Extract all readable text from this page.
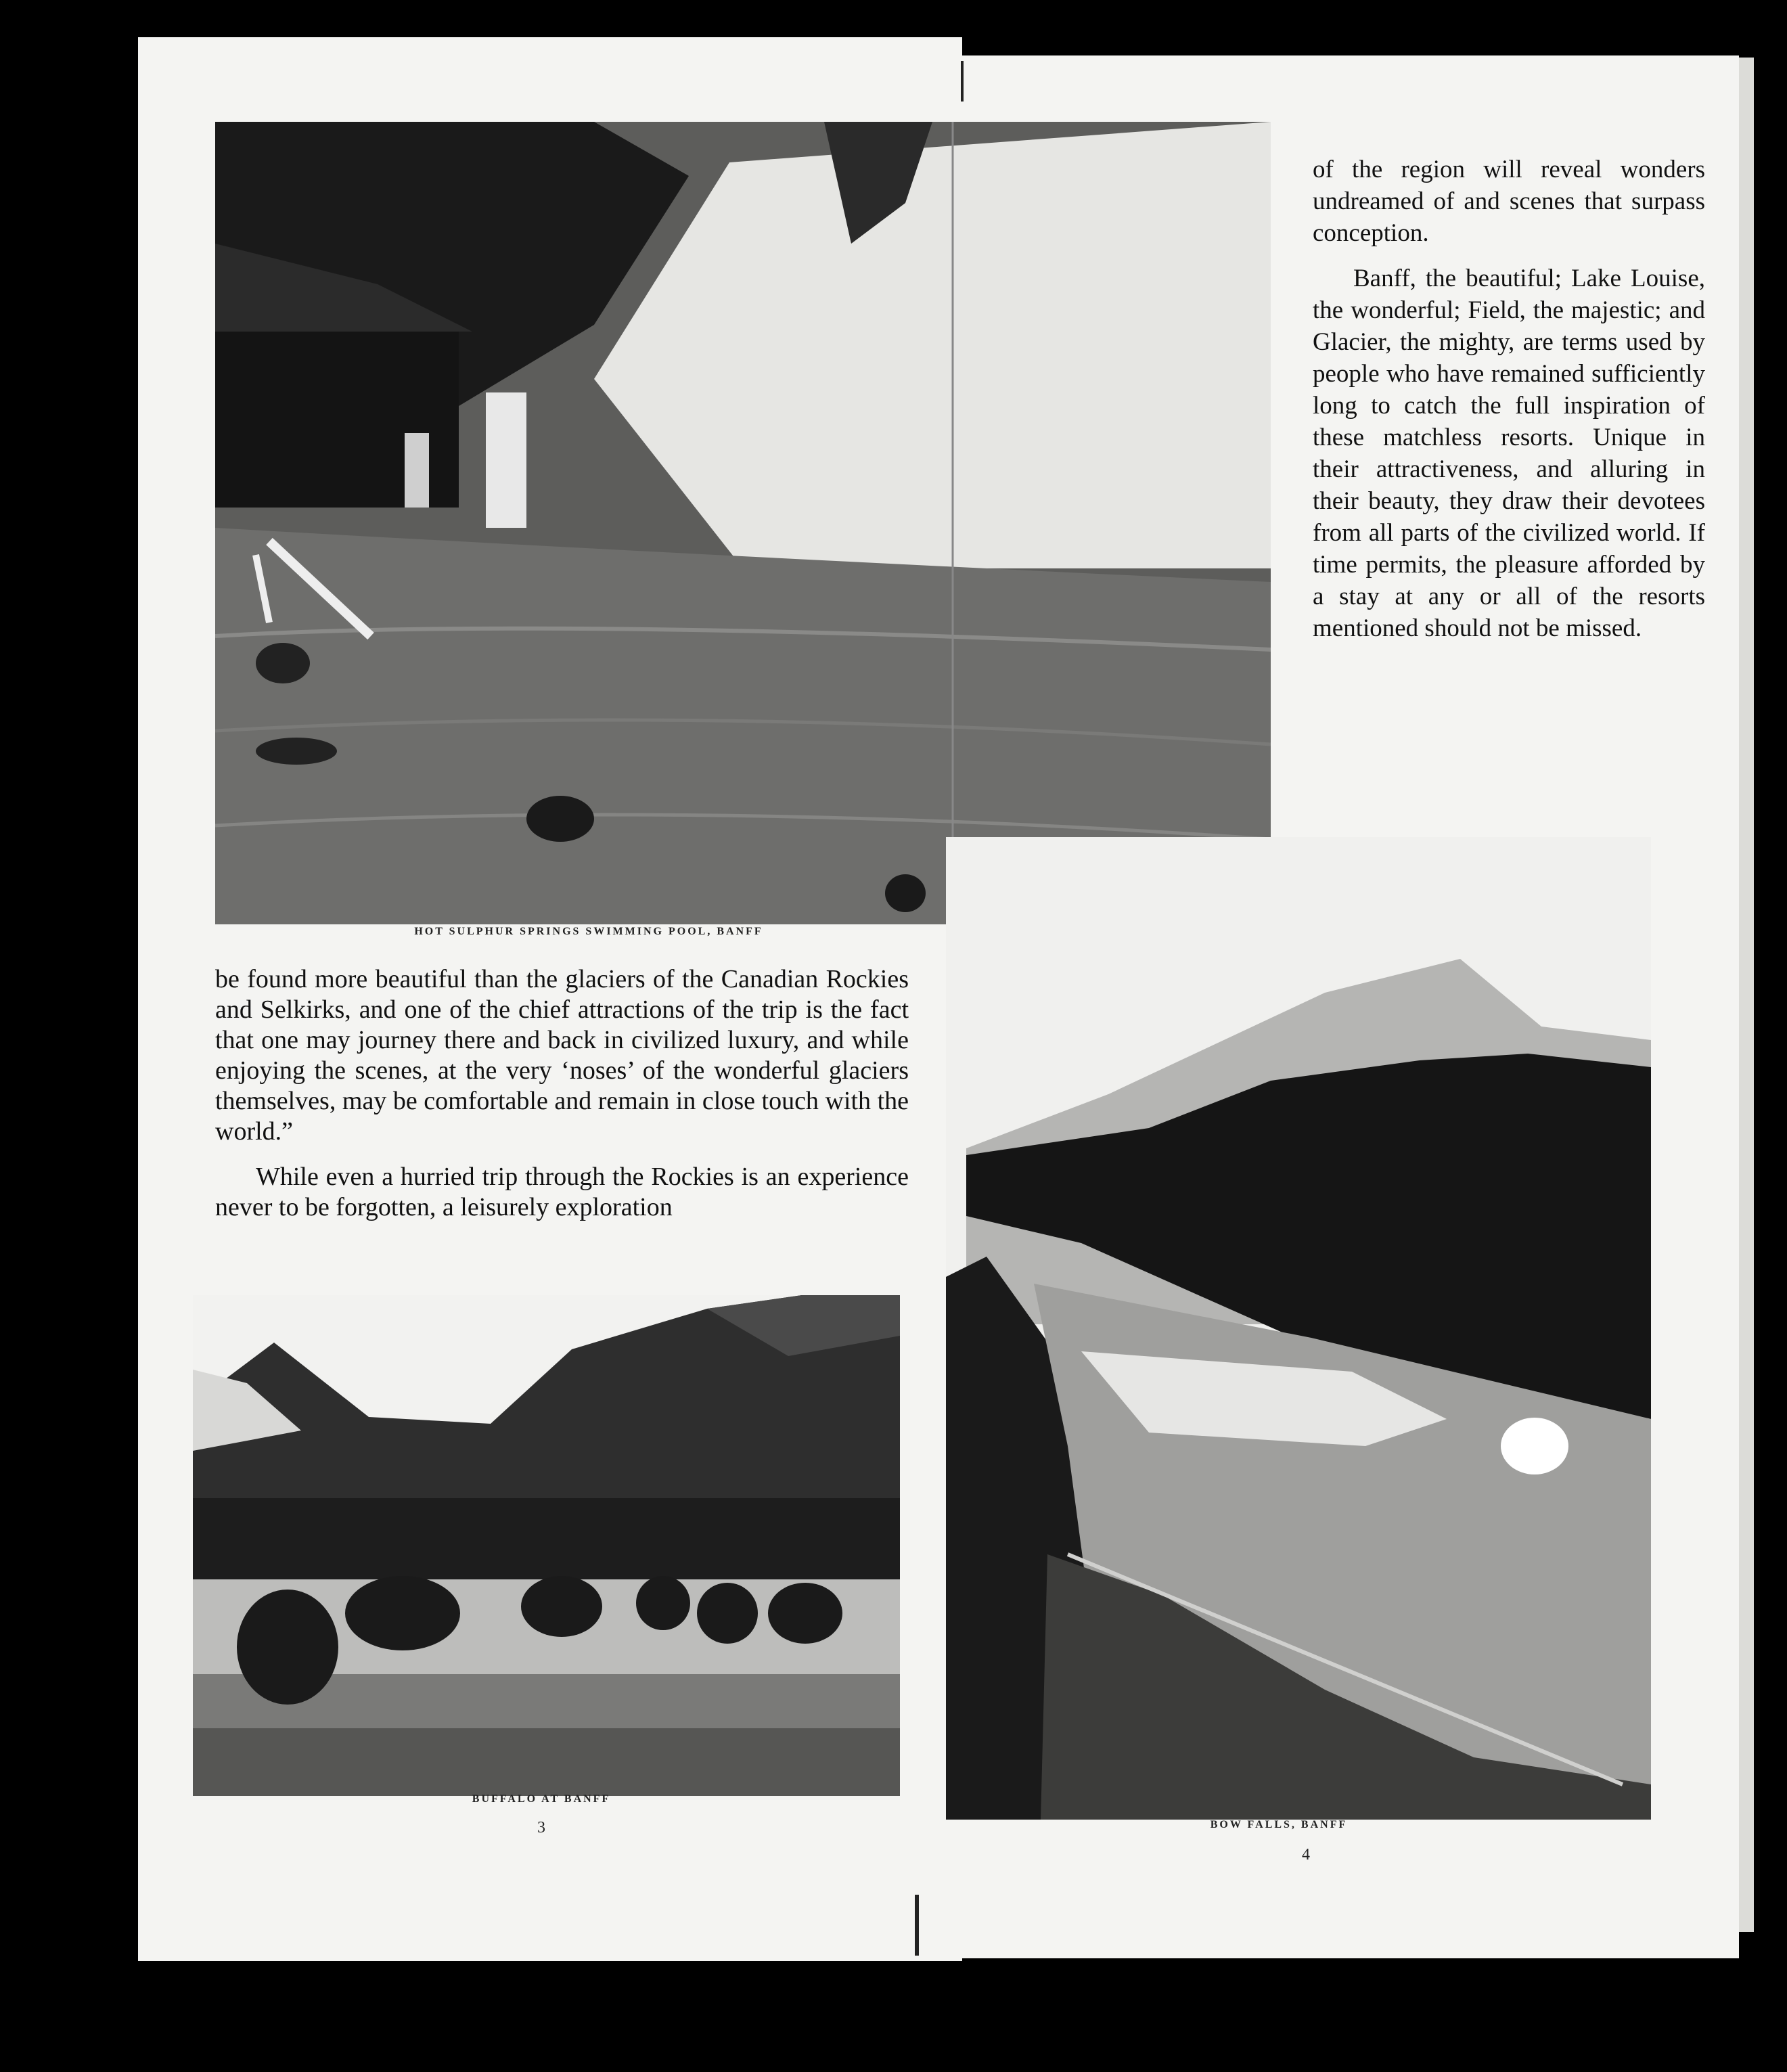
HOT SULPHUR SPRINGS SWIMMING POOL, BANFF

of the region will reveal wonders undreamed of and scenes that surpass conception.

Banff, the beautiful; Lake Louise, the wonderful; Field, the majestic; and Glacier, the mighty, are terms used by people who have remained sufficiently long to catch the full inspiration of these matchless resorts. Unique in their attractiveness, and alluring in their beauty, they draw their devotees from all parts of the civilized world. If time permits, the pleasure afforded by a stay at any or all of the resorts mentioned should not be missed.

be found more beautiful than the glaciers of the Canadian Rockies and Selkirks, and one of the chief attractions of the trip is the fact that one may journey there and back in civilized luxury, and while enjoying the scenes, at the very ‘noses’ of the wonderful glaciers themselves, may be comfortable and remain in close touch with the world.”

While even a hurried trip through the Rockies is an experience never to be forgotten, a leisurely exploration

BUFFALO AT BANFF
3	BOW FALLS, BANFF
4
